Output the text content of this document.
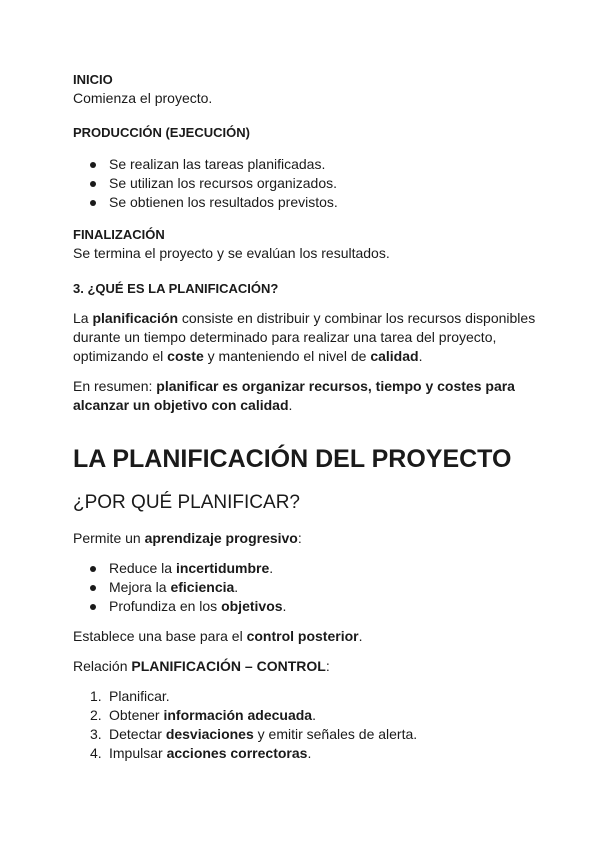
INICIO

Comienza el proyecto.

PRODUCCIÓN (EJECUCIÓN)

Se realizan las tareas planificadas.
Se utilizan los recursos organizados.
Se obtienen los resultados previstos.

FINALIZACIÓN

Se termina el proyecto y se evalúan los resultados.

3. ¿QUÉ ES LA PLANIFICACIÓN?

La planificación consiste en distribuir y combinar los recursos disponibles durante un tiempo determinado para realizar una tarea del proyecto, optimizando el coste y manteniendo el nivel de calidad.

En resumen: planificar es organizar recursos, tiempo y costes para alcanzar un objetivo con calidad.

LA PLANIFICACIÓN DEL PROYECTO
¿POR QUÉ PLANIFICAR?

Permite un aprendizaje progresivo:

Reduce la incertidumbre.
Mejora la eficiencia.
Profundiza en los objetivos.

Establece una base para el control posterior.

Relación PLANIFICACIÓN – CONTROL:

1. Planificar.
2. Obtener información adecuada.
3. Detectar desviaciones y emitir señales de alerta.
4. Impulsar acciones correctoras.
